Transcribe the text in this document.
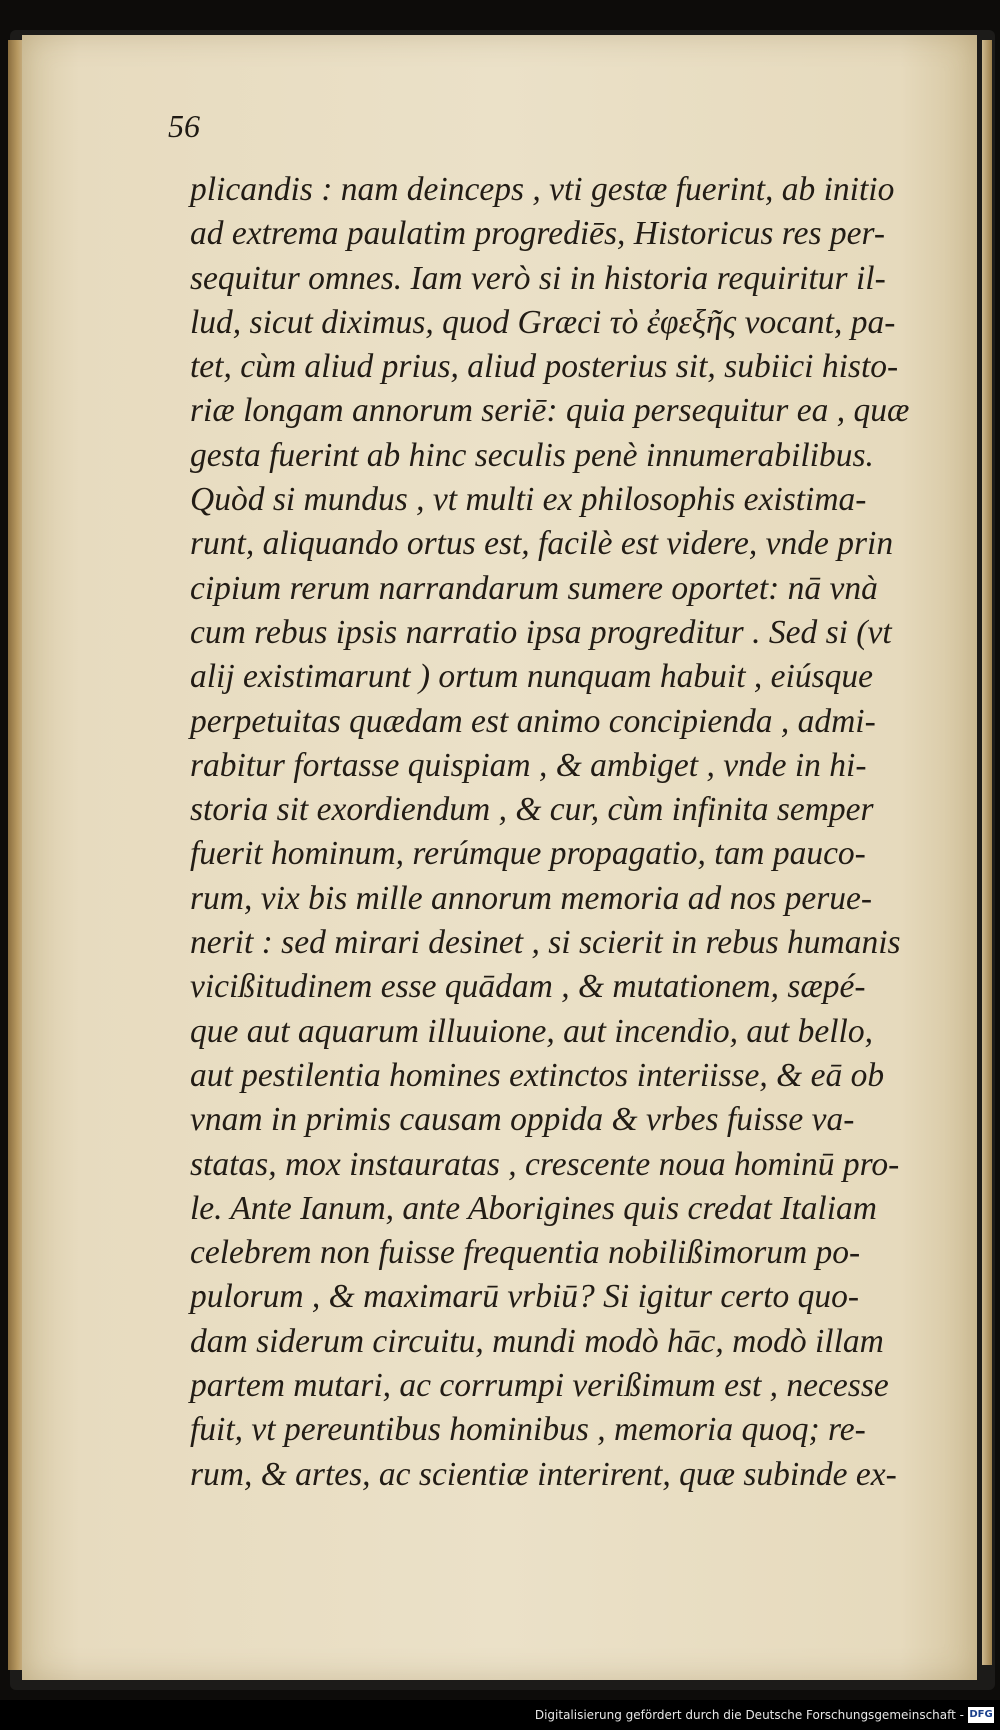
56
plicandis : nam deinceps , vti gestæ fuerint, ab initio
ad extrema paulatim progrediēs, Historicus res per-
sequitur omnes. Iam verò si in historia requiritur il-
lud, sicut diximus, quod Græci τὸ ἐφεξῆς vocant, pa-
tet, cùm aliud prius, aliud posterius sit, subiici histo-
riæ longam annorum seriē: quia persequitur ea , quæ
gesta fuerint ab hinc seculis penè innumerabilibus.
Quòd si mundus , vt multi ex philosophis existima-
runt, aliquando ortus est, facilè est videre, vnde prin
cipium rerum narrandarum sumere oportet: nā vnà
cum rebus ipsis narratio ipsa progreditur . Sed si (vt
alij existimarunt ) ortum nunquam habuit , eiúsque
perpetuitas quædam est animo concipienda , admi-
rabitur fortasse quispiam , & ambiget , vnde in hi-
storia sit exordiendum , & cur, cùm infinita semper
fuerit hominum, rerúmque propagatio, tam pauco-
rum, vix bis mille annorum memoria ad nos perue-
nerit : sed mirari desinet , si scierit in rebus humanis
vicißitudinem esse quādam , & mutationem, sæpé-
que aut aquarum illuuione, aut incendio, aut bello,
aut pestilentia homines extinctos interiisse, & eā ob
vnam in primis causam oppida & vrbes fuisse va-
statas, mox instauratas , crescente noua hominū pro-
le. Ante Ianum, ante Aborigines quis credat Italiam
celebrem non fuisse frequentia nobilißimorum po-
pulorum , & maximarū vrbiū? Si igitur certo quo-
dam siderum circuitu, mundi modò hāc, modò illam
partem mutari, ac corrumpi verißimum est , necesse
fuit, vt pereuntibus hominibus , memoria quoq; re-
rum, & artes, ac scientiæ interirent, quæ subinde ex-
Digitalisierung gefördert durch die Deutsche Forschungsgemeinschaft - DFG
